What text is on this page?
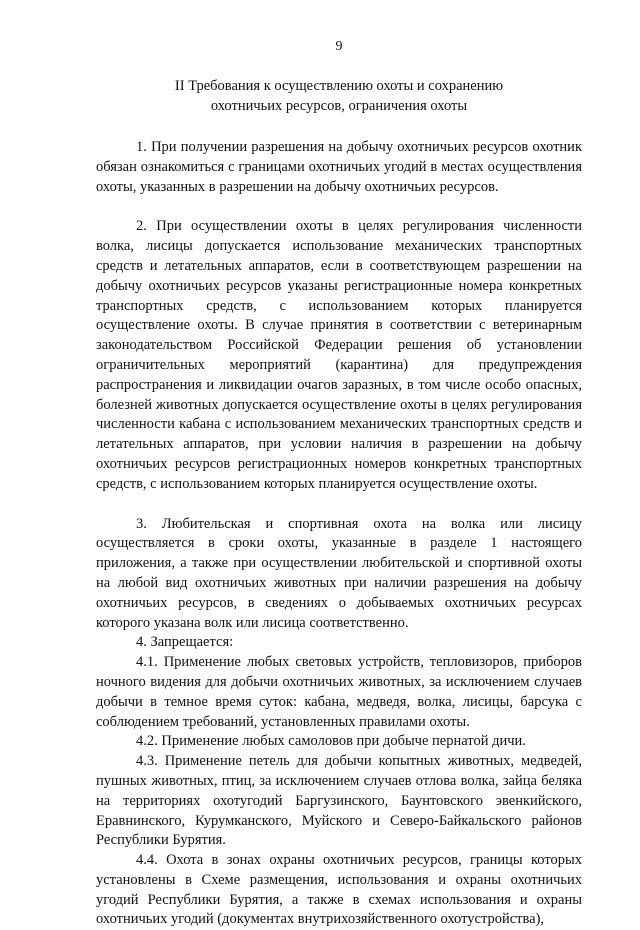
9
II Требования к осуществлению охоты и сохранению
охотничьих ресурсов, ограничения охоты

1. При получении разрешения на добычу охотничьих ресурсов охотник обязан ознакомиться с границами охотничьих угодий в местах осуществления охоты, указанных в разрешении на добычу охотничьих ресурсов.

2. При осуществлении охоты в целях регулирования численности волка, лисицы допускается использование механических транспортных средств и летательных аппаратов, если в соответствующем разрешении на добычу охотничьих ресурсов указаны регистрационные номера конкретных транспортных средств, с использованием которых планируется осуществление охоты. В случае принятия в соответствии с ветеринарным законодательством Российской Федерации решения об установлении ограничительных мероприятий (карантина) для предупреждения распространения и ликвидации очагов заразных, в том числе особо опасных, болезней животных допускается осуществление охоты в целях регулирования численности кабана с использованием механических транспортных средств и летательных аппаратов, при условии наличия в разрешении на добычу охотничьих ресурсов регистрационных номеров конкретных транспортных средств, с использованием которых планируется осуществление охоты.

3. Любительская и спортивная охота на волка или лисицу осуществляется в сроки охоты, указанные в разделе 1 настоящего приложения, а также при осуществлении любительской и спортивной охоты на любой вид охотничьих животных при наличии разрешения на добычу охотничьих ресурсов, в сведениях о добываемых охотничьих ресурсах которого указана волк или лисица соответственно.

4. Запрещается:

4.1. Применение любых световых устройств, тепловизоров, приборов ночного видения для добычи охотничьих животных, за исключением случаев добычи в темное время суток: кабана, медведя, волка, лисицы, барсука с соблюдением требований, установленных правилами охоты.

4.2. Применение любых самоловов при добыче пернатой дичи.

4.3. Применение петель для добычи копытных животных, медведей, пушных животных, птиц, за исключением случаев отлова волка, зайца беляка на территориях охотугодий Баргузинского, Баунтовского эвенкийского, Еравнинского, Курумканского, Муйского и Северо-Байкальского районов Республики Бурятия.

4.4. Охота в зонах охраны охотничьих ресурсов, границы которых установлены в Схеме размещения, использования и охраны охотничьих угодий Республики Бурятия, а также в схемах использования и охраны охотничьих угодий (документах внутрихозяйственного охотустройства),
